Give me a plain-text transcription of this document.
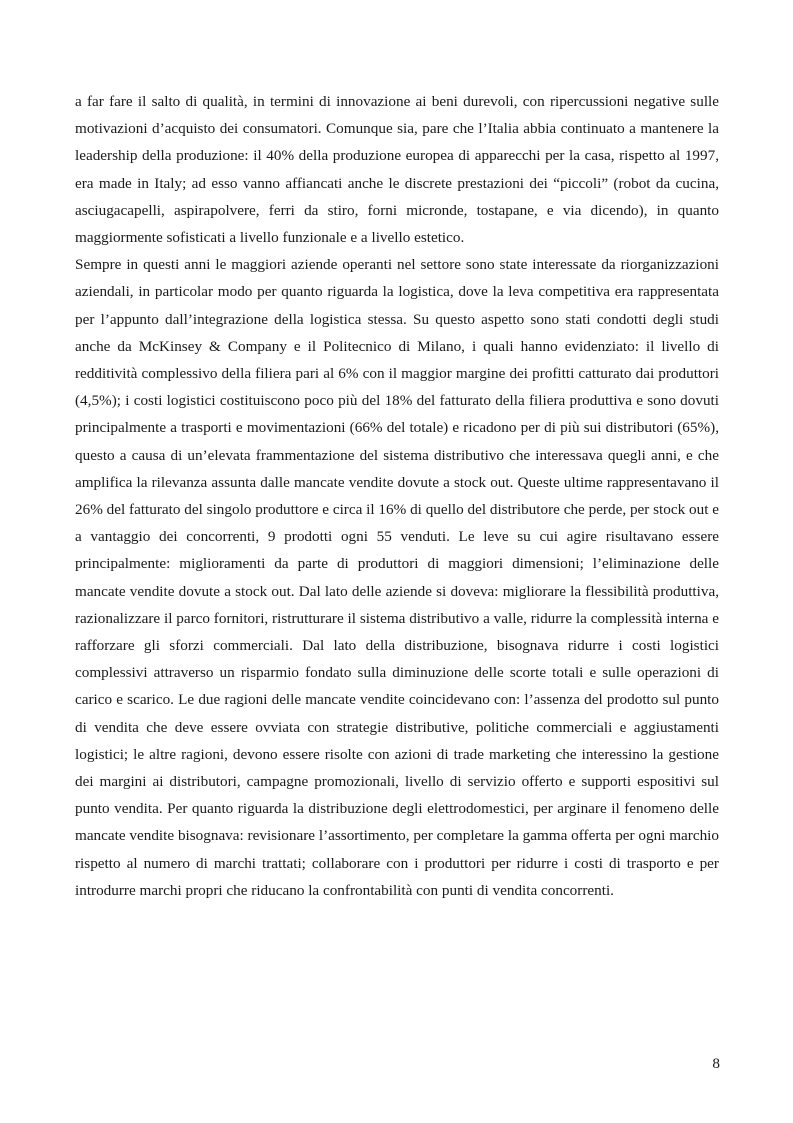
a far fare il salto di qualità, in termini di innovazione ai beni durevoli, con ripercussioni negative sulle motivazioni d’acquisto dei consumatori. Comunque sia, pare che l’Italia abbia continuato a mantenere la leadership della produzione: il 40% della produzione europea di apparecchi per la casa, rispetto al 1997, era made in Italy; ad esso vanno affiancati anche le discrete prestazioni dei “piccoli” (robot da cucina, asciugacapelli, aspirapolvere, ferri da stiro, forni micronde, tostapane, e via dicendo), in quanto maggiormente sofisticati a livello funzionale e a livello estetico.

Sempre in questi anni le maggiori aziende operanti nel settore sono state interessate da riorganizzazioni aziendali, in particolar modo per quanto riguarda la logistica, dove la leva competitiva era rappresentata per l’appunto dall’integrazione della logistica stessa. Su questo aspetto sono stati condotti degli studi anche da McKinsey & Company e il Politecnico di Milano, i quali hanno evidenziato: il livello di redditività complessivo della filiera pari al 6% con il maggior margine dei profitti catturato dai produttori (4,5%); i costi logistici costituiscono poco più del 18% del fatturato della filiera produttiva e sono dovuti principalmente a trasporti e movimentazioni (66% del totale) e ricadono per di più sui distributori (65%), questo a causa di un’elevata frammentazione del sistema distributivo che interessava quegli anni, e che amplifica la rilevanza assunta dalle mancate vendite dovute a stock out. Queste ultime rappresentavano il 26% del fatturato del singolo produttore e circa il 16% di quello del distributore che perde, per stock out e a vantaggio dei concorrenti, 9 prodotti ogni 55 venduti. Le leve su cui agire risultavano essere principalmente: miglioramenti da parte di produttori di maggiori dimensioni; l’eliminazione delle mancate vendite dovute a stock out. Dal lato delle aziende si doveva: migliorare la flessibilità produttiva, razionalizzare il parco fornitori, ristrutturare il sistema distributivo a valle, ridurre la complessità interna e rafforzare gli sforzi commerciali. Dal lato della distribuzione, bisognava ridurre i costi logistici complessivi attraverso un risparmio fondato sulla diminuzione delle scorte totali e sulle operazioni di carico e scarico. Le due ragioni delle mancate vendite coincidevano con: l’assenza del prodotto sul punto di vendita che deve essere ovviata con strategie distributive, politiche commerciali e aggiustamenti logistici; le altre ragioni, devono essere risolte con azioni di trade marketing che interessino la gestione dei margini ai distributori, campagne promozionali, livello di servizio offerto e supporti espositivi sul punto vendita. Per quanto riguarda la distribuzione degli elettrodomestici, per arginare il fenomeno delle mancate vendite bisognava: revisionare l’assortimento, per completare la gamma offerta per ogni marchio rispetto al numero di marchi trattati; collaborare con i produttori per ridurre i costi di trasporto e per introdurre marchi propri che riducano la confrontabilità con punti di vendita concorrenti.

8
